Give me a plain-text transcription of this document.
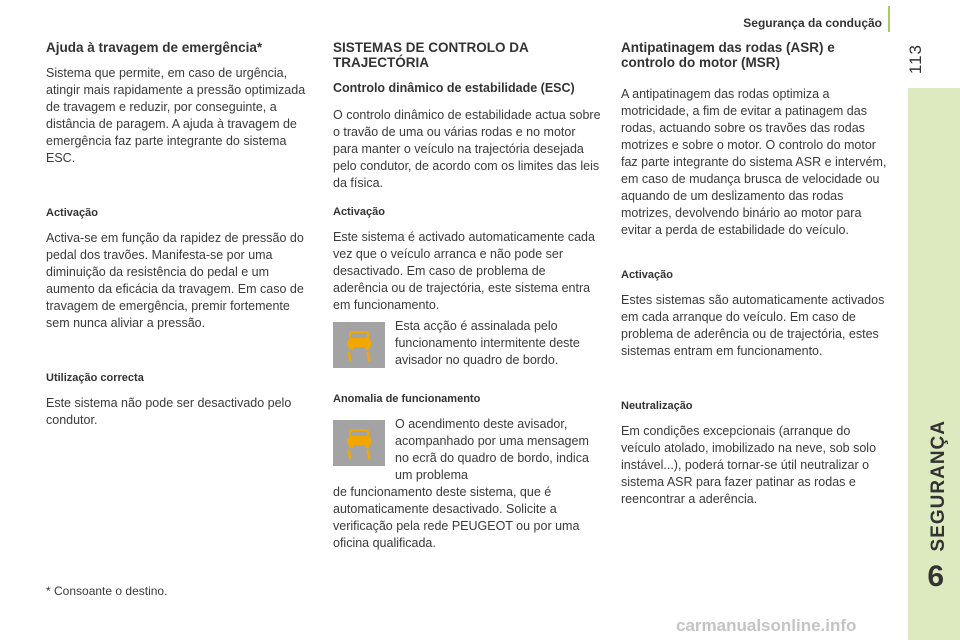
Segurança da condução
113
SEGURANÇA
6
Ajuda à travagem de emergência*

Sistema que permite, em caso de urgência, atingir mais rapidamente a pressão optimizada de travagem e reduzir, por conseguinte, a distância de paragem. A ajuda à travagem de emergência faz parte integrante do sistema ESC.

Activação

Activa-se em função da rapidez de pressão do pedal dos travões. Manifesta-se por uma diminuição da resistência do pedal e um aumento da eficácia da travagem. Em caso de travagem de emergência, premir fortemente sem nunca aliviar a pressão.

Utilização correcta

Este sistema não pode ser desactivado pelo condutor.

SISTEMAS DE CONTROLO DA TRAJECTÓRIA
Controlo dinâmico de estabilidade (ESC)

O controlo dinâmico de estabilidade actua sobre o travão de uma ou várias rodas e no motor para manter o veículo na trajectória desejada pelo condutor, de acordo com os limites das leis da física.

Activação

Este sistema é activado automaticamente cada vez que o veículo arranca e não pode ser desactivado. Em caso de problema de aderência ou de trajectória, este sistema entra em funcionamento.

Esta acção é assinalada pelo funcionamento intermitente deste avisador no quadro de bordo.

Anomalia de funcionamento

O acendimento deste avisador, acompanhado por uma mensagem no ecrã do quadro de bordo, indica um problema

de funcionamento deste sistema, que é automaticamente desactivado. Solicite a verificação pela rede PEUGEOT ou por uma oficina qualificada.

Antipatinagem das rodas (ASR) e controlo do motor (MSR)

A antipatinagem das rodas optimiza a motricidade, a fim de evitar a patinagem das rodas, actuando sobre os travões das rodas motrizes e sobre o motor. O controlo do motor faz parte integrante do sistema ASR e intervém, em caso de mudança brusca de velocidade ou aquando de um deslizamento das rodas motrizes, devolvendo binário ao motor para evitar a perda de estabilidade do veículo.

Activação

Estes sistemas são automaticamente activados em cada arranque do veículo. Em caso de problema de aderência ou de trajectória, estes sistemas entram em funcionamento.

Neutralização

Em condições excepcionais (arranque do veículo atolado, imobilizado na neve, sob solo instável...), poderá tornar-se útil neutralizar o sistema ASR para fazer patinar as rodas e reencontrar a aderência.

* Consoante o destino.
carmanualsonline.info
